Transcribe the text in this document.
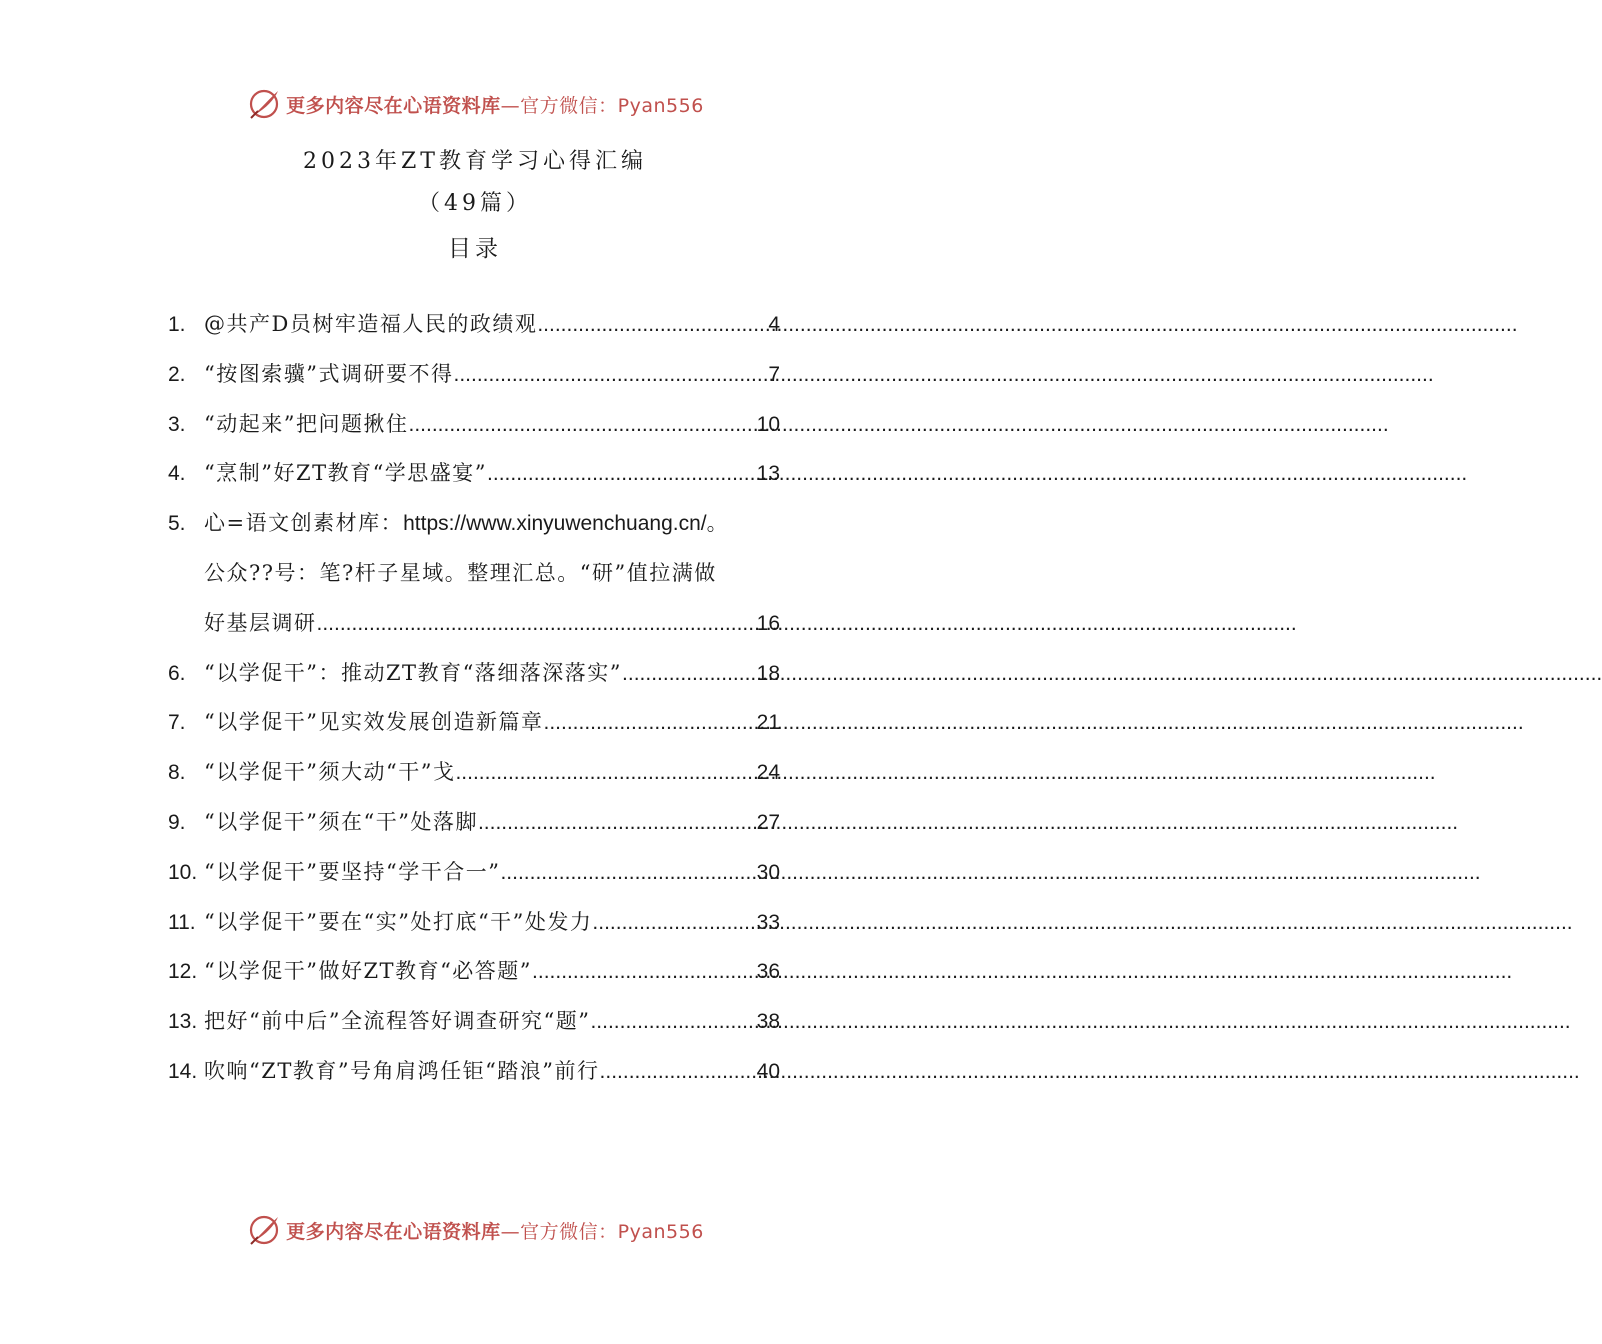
更多内容尽在心语资料库—官方微信：Pyan556
2023年ZT教育学习心得汇编
（49篇）
目录
1. @共产D员树牢造福人民的政绩观 .....	4
2. “按图索骥”式调研要不得 .....	7
3. “动起来”把问题揪住 .....	10
4. “烹制”好ZT教育“学思盛宴” .....	13
5. 心=语文创素材库：https://www.xinyuwenchuang.cn/。
公众??号：笔?杆子星域。整理汇总。“研”值拉满做
好基层调研 .....	16
6. “以学促干”：推动ZT教育“落细落深落实” .....	18
7. “以学促干”见实效发展创造新篇章 .....	21
8. “以学促干”须大动“干”戈 .....	24
9. “以学促干”须在“干”处落脚 .....	27
10. “以学促干”要坚持“学干合一” .....	30
11. “以学促干”要在“实”处打底“干”处发力 .....	33
12. “以学促干”做好ZT教育“必答题” .....	36
13. 把好“前中后”全流程答好调查研究“题” .....	38
14. 吹响“ZT教育”号角肩鸿任钜“踏浪”前行 .....	40
更多内容尽在心语资料库—官方微信：Pyan556
